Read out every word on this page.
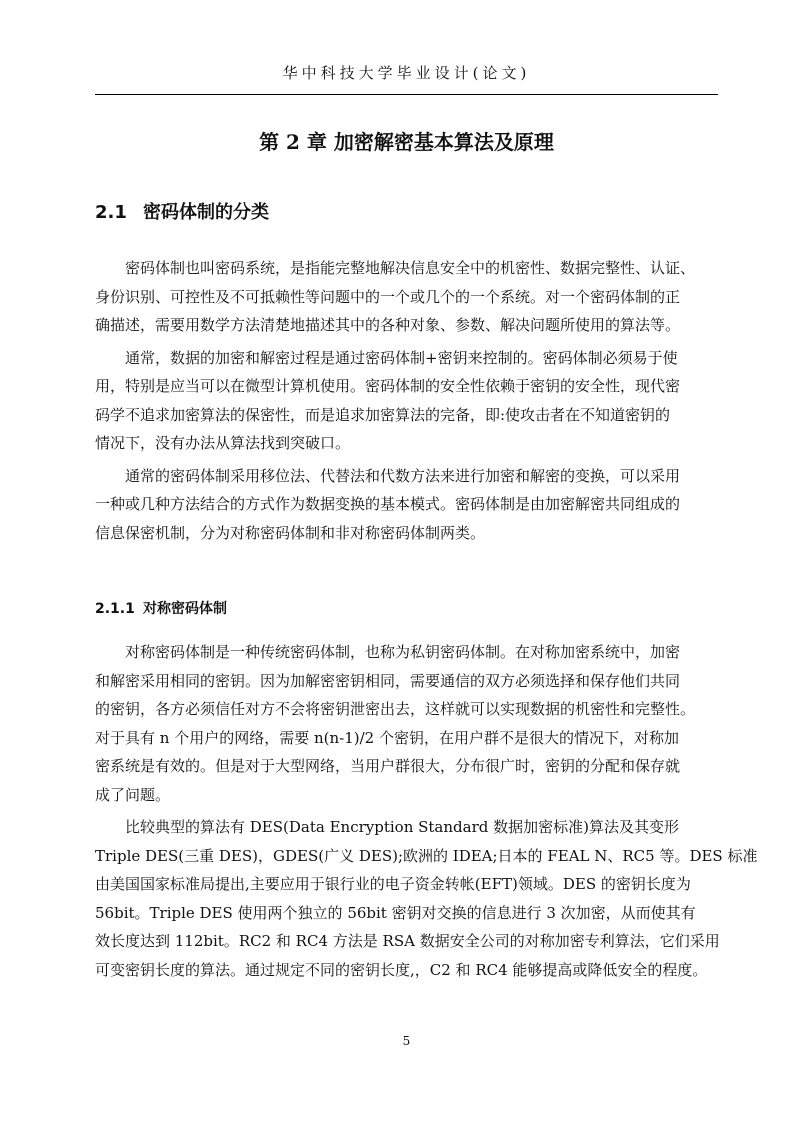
华中科技大学毕业设计(论文)
第 2 章 加密解密基本算法及原理
2.1 密码体制的分类
密码体制也叫密码系统，是指能完整地解决信息安全中的机密性、数据完整性、认证、
身份识别、可控性及不可抵赖性等问题中的一个或几个的一个系统。对一个密码体制的正
确描述，需要用数学方法清楚地描述其中的各种对象、参数、解决问题所使用的算法等。
通常，数据的加密和解密过程是通过密码体制+密钥来控制的。密码体制必须易于使
用，特别是应当可以在微型计算机使用。密码体制的安全性依赖于密钥的安全性，现代密
码学不追求加密算法的保密性，而是追求加密算法的完备，即:使攻击者在不知道密钥的
情况下，没有办法从算法找到突破口。
通常的密码体制采用移位法、代替法和代数方法来进行加密和解密的变换，可以采用
一种或几种方法结合的方式作为数据变换的基本模式。密码体制是由加密解密共同组成的
信息保密机制，分为对称密码体制和非对称密码体制两类。
2.1.1 对称密码体制
对称密码体制是一种传统密码体制，也称为私钥密码体制。在对称加密系统中，加密
和解密采用相同的密钥。因为加解密密钥相同，需要通信的双方必须选择和保存他们共同
的密钥，各方必须信任对方不会将密钥泄密出去，这样就可以实现数据的机密性和完整性。
对于具有 n 个用户的网络，需要 n(n-1)/2 个密钥，在用户群不是很大的情况下，对称加
密系统是有效的。但是对于大型网络，当用户群很大，分布很广时，密钥的分配和保存就
成了问题。
比较典型的算法有 DES(Data Encryption Standard 数据加密标准)算法及其变形
Triple DES(三重 DES)，GDES(广义 DES);欧洲的 IDEA;日本的 FEAL N、RC5 等。DES 标准
由美国国家标准局提出,主要应用于银行业的电子资金转帐(EFT)领域。DES 的密钥长度为
56bit。Triple DES 使用两个独立的 56bit 密钥对交换的信息进行 3 次加密，从而使其有
效长度达到 112bit。RC2 和 RC4 方法是 RSA 数据安全公司的对称加密专利算法，它们采用
可变密钥长度的算法。通过规定不同的密钥长度,，C2 和 RC4 能够提高或降低安全的程度。
5
